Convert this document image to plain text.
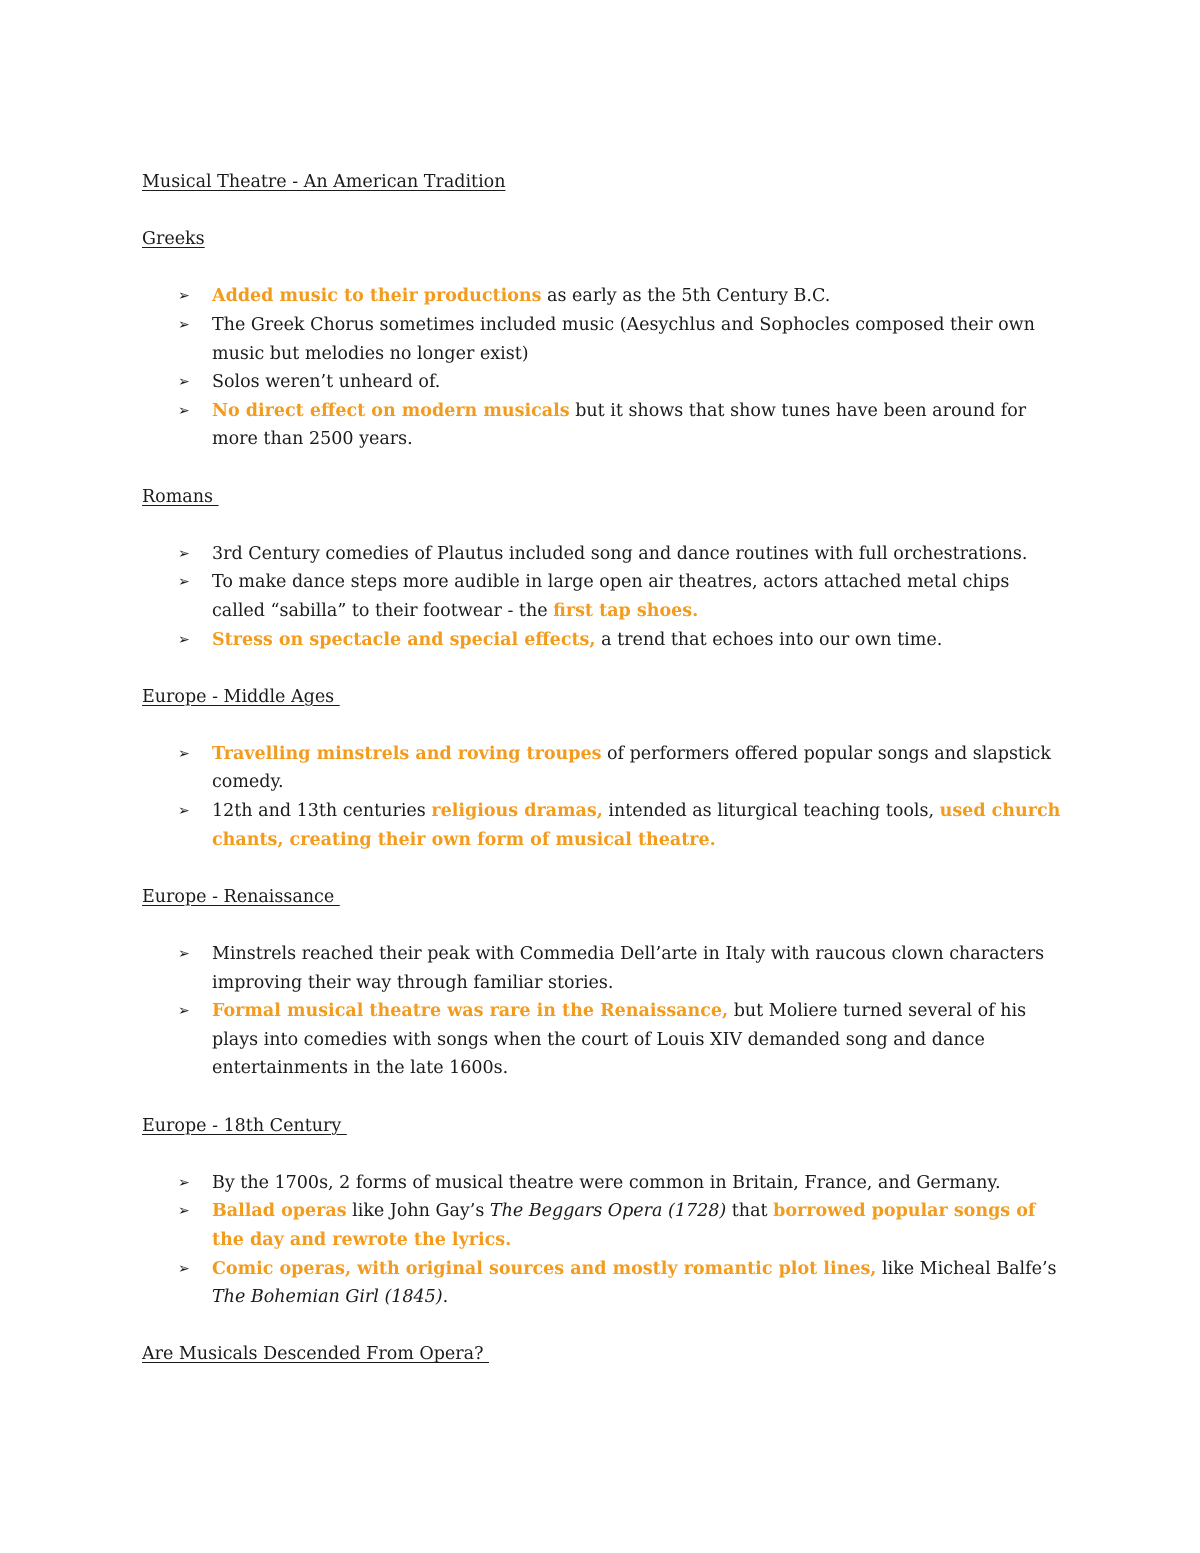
Musical Theatre - An American Tradition
Greeks
➢ Added music to their productions as early as the 5th Century B.C.
➢ The Greek Chorus sometimes included music (Aesychlus and Sophocles composed their own music but melodies no longer exist)
➢ Solos weren’t unheard of.
➢ No direct effect on modern musicals but it shows that show tunes have been around for more than 2500 years.
Romans
➢ 3rd Century comedies of Plautus included song and dance routines with full orchestrations.
➢ To make dance steps more audible in large open air theatres, actors attached metal chips called “sabilla” to their footwear - the first tap shoes.
➢ Stress on spectacle and special effects, a trend that echoes into our own time.
Europe - Middle Ages
➢ Travelling minstrels and roving troupes of performers offered popular songs and slapstick comedy.
➢ 12th and 13th centuries religious dramas, intended as liturgical teaching tools, used church chants, creating their own form of musical theatre.
Europe - Renaissance
➢ Minstrels reached their peak with Commedia Dell’arte in Italy with raucous clown characters improving their way through familiar stories.
➢ Formal musical theatre was rare in the Renaissance, but Moliere turned several of his plays into comedies with songs when the court of Louis XIV demanded song and dance entertainments in the late 1600s.
Europe - 18th Century
➢ By the 1700s, 2 forms of musical theatre were common in Britain, France, and Germany.
➢ Ballad operas like John Gay’s The Beggars Opera (1728) that borrowed popular songs of the day and rewrote the lyrics.
➢ Comic operas, with original sources and mostly romantic plot lines, like Micheal Balfe’s The Bohemian Girl (1845).
Are Musicals Descended From Opera?
